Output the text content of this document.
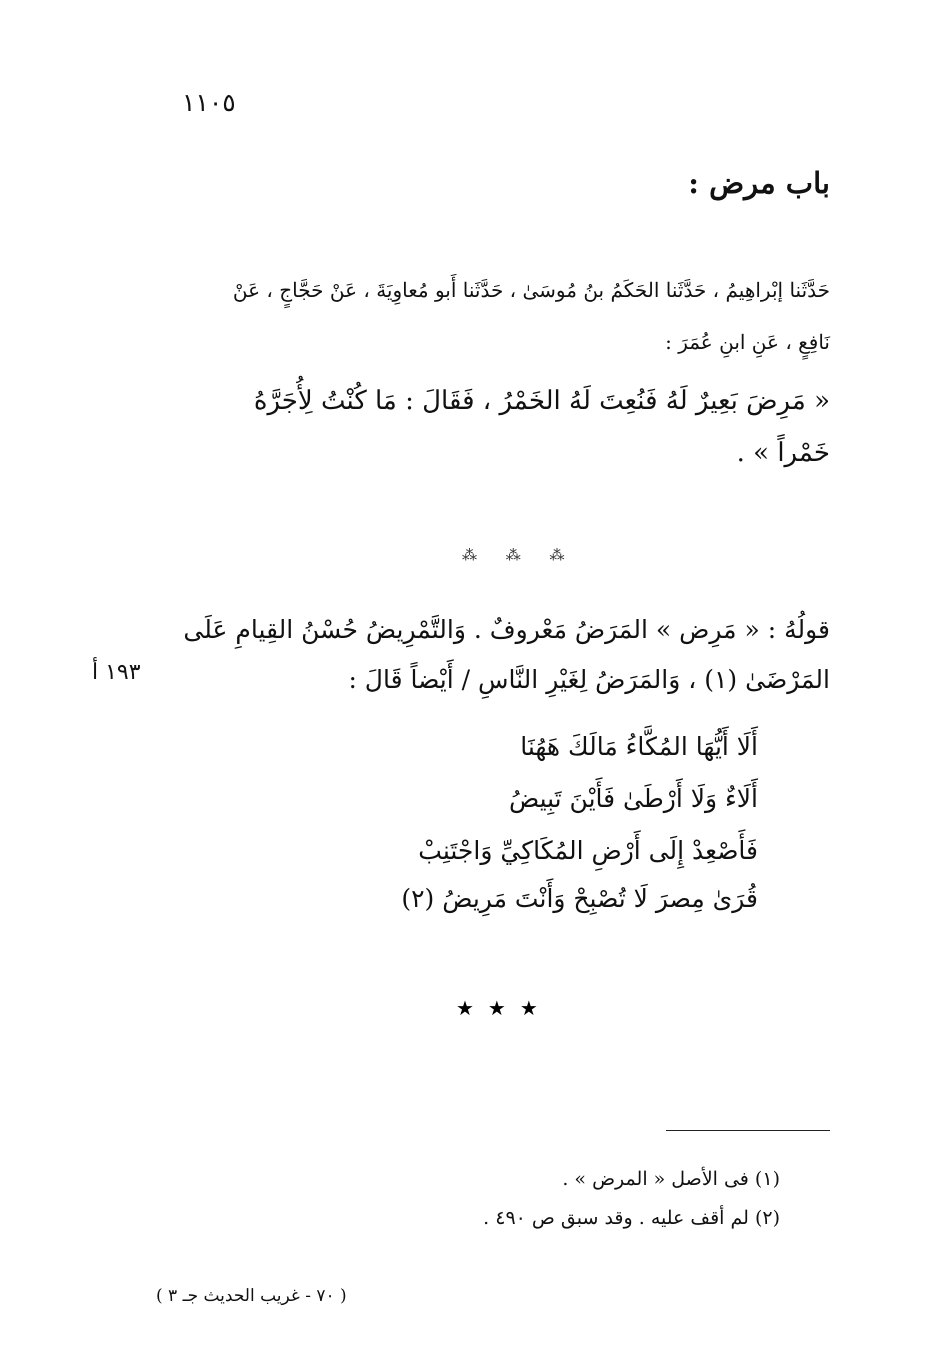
١١٠٥
باب مرض :
حَدَّثَنا إبْراهِيمُ ، حَدَّثَنا الحَكَمُ بنُ مُوسَىٰ ، حَدَّثَنا أَبو مُعاوِيَةَ ، عَنْ حَجَّاجٍ ، عَنْ
نَافِعٍ ، عَنِ ابنِ عُمَرَ :
« مَرِضَ بَعِيرٌ لَهُ فَنُعِتَ لَهُ الخَمْرُ ، فَقَالَ : مَا كُنْتُ لِأُجَرَّهُ
خَمْراً » .
⁂ ⁂ ⁂
قولُهُ : « مَرِض » المَرَضُ مَعْروفٌ . وَالتَّمْرِيضُ حُسْنُ القِيامِ عَلَى
المَرْضَىٰ (١) ، وَالمَرَضُ لِغَيْرِ النَّاسِ / أَيْضاً قَالَ :
١٩٣ أ
أَلَا أَيُّهَا المُكَّاءُ مَالَكَ هَهُنَا
أَلَاءٌ وَلَا أَرْطَىٰ فَأَيْنَ تَبِيضُ
فَأَصْعِدْ إِلَى أَرْضِ المُكَاكِيِّ وَاجْتَنِبْ
قُرَىٰ مِصرَ لَا تُصْبِحْ وَأَنْتَ مَرِيضُ (٢)
★★★
(١) فى الأصل « المرض » .
(٢) لم أقف عليه . وقد سبق ص ٤٩٠ .
( ٧٠ - غريب الحديث جـ ٣ )
